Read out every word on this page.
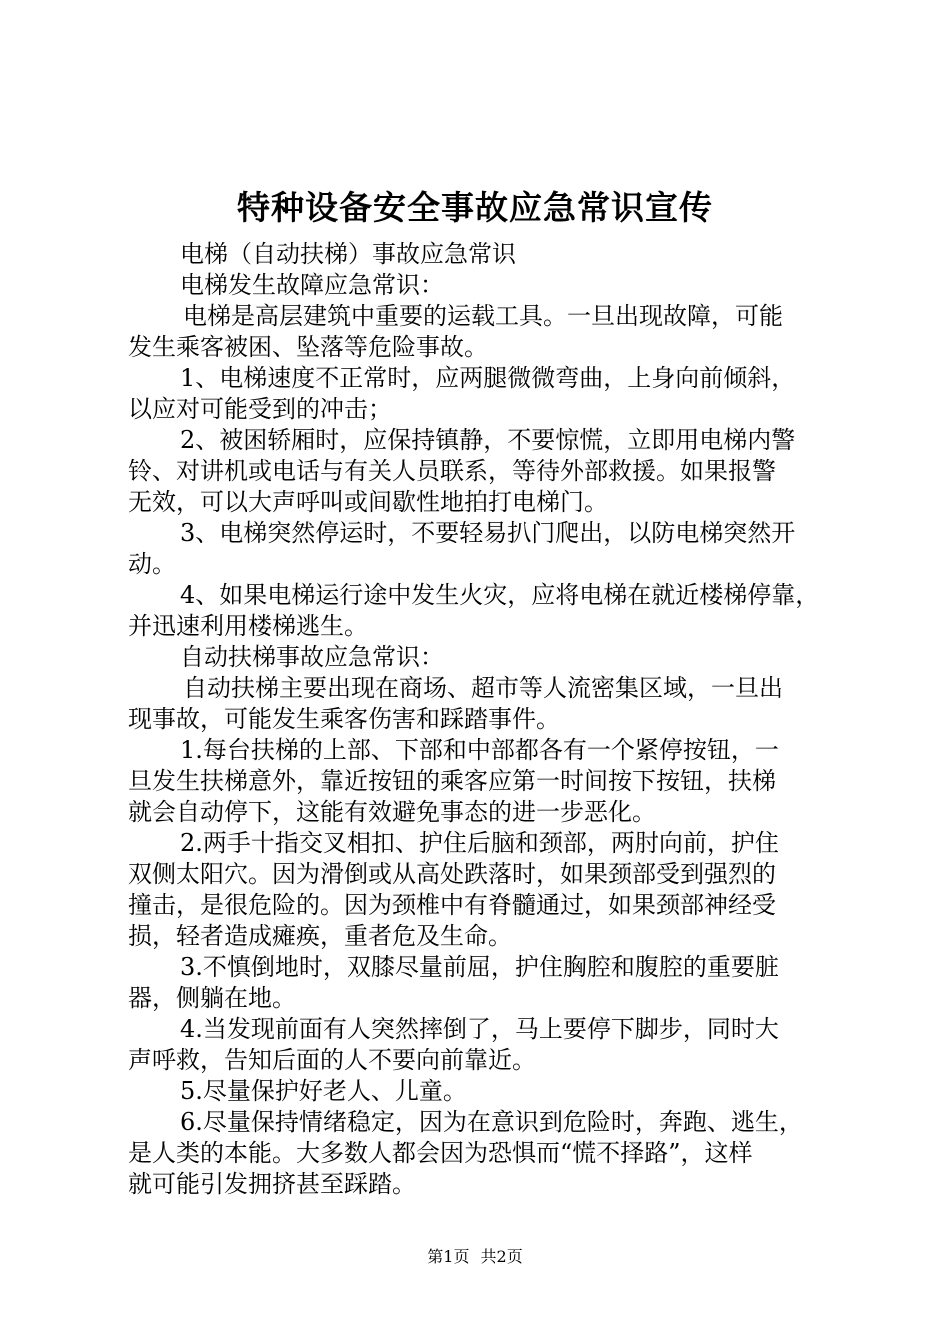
特种设备安全事故应急常识宣传

电梯（自动扶梯）事故应急常识

电梯发生故障应急常识：

电梯是高层建筑中重要的运载工具。一旦出现故障，可能

发生乘客被困、坠落等危险事故。

1、电梯速度不正常时，应两腿微微弯曲，上身向前倾斜，

以应对可能受到的冲击；

2、被困轿厢时，应保持镇静，不要惊慌，立即用电梯内警

铃、对讲机或电话与有关人员联系，等待外部救援。如果报警

无效，可以大声呼叫或间歇性地拍打电梯门。

3、电梯突然停运时，不要轻易扒门爬出，以防电梯突然开

动。

4、如果电梯运行途中发生火灾，应将电梯在就近楼梯停靠，

并迅速利用楼梯逃生。

自动扶梯事故应急常识：

自动扶梯主要出现在商场、超市等人流密集区域，一旦出

现事故，可能发生乘客伤害和踩踏事件。

1.每台扶梯的上部、下部和中部都各有一个紧停按钮，一

旦发生扶梯意外，靠近按钮的乘客应第一时间按下按钮，扶梯

就会自动停下，这能有效避免事态的进一步恶化。

2.两手十指交叉相扣、护住后脑和颈部，两肘向前，护住

双侧太阳穴。因为滑倒或从高处跌落时，如果颈部受到强烈的

撞击，是很危险的。因为颈椎中有脊髓通过，如果颈部神经受

损，轻者造成瘫痪，重者危及生命。

3.不慎倒地时，双膝尽量前屈，护住胸腔和腹腔的重要脏

器，侧躺在地。

4.当发现前面有人突然摔倒了，马上要停下脚步，同时大

声呼救，告知后面的人不要向前靠近。

5.尽量保护好老人、儿童。

6.尽量保持情绪稳定，因为在意识到危险时，奔跑、逃生，

是人类的本能。大多数人都会因为恐惧而“慌不择路”，这样

就可能引发拥挤甚至踩踏。

第1页 共2页
